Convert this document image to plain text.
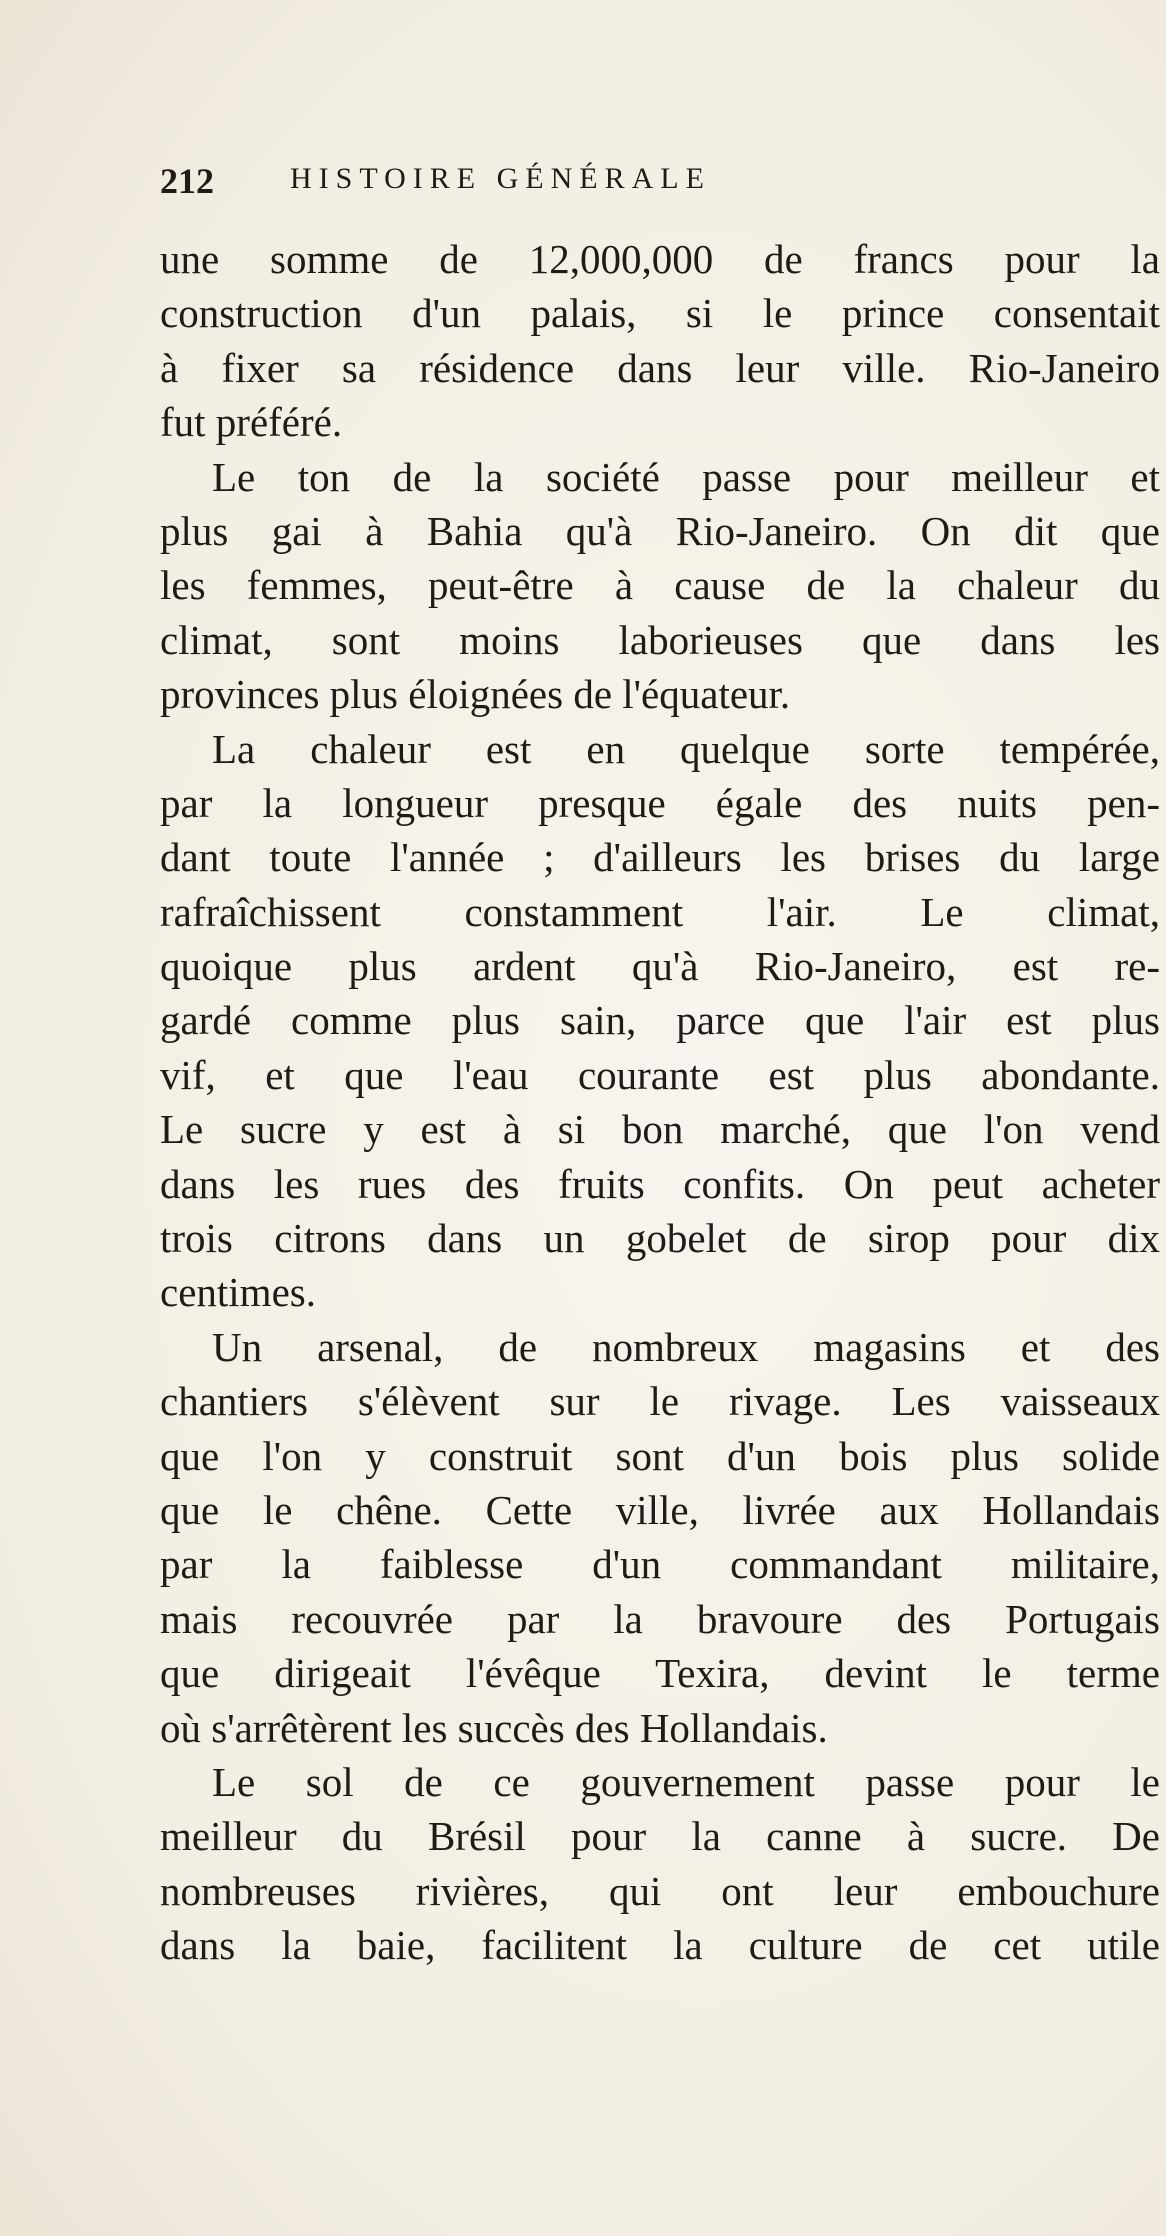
212	HISTOIRE GÉNÉRALE
une somme de 12,000,000 de francs pour la
construction d'un palais, si le prince consentait
à fixer sa résidence dans leur ville. Rio-Janeiro
fut préféré.
Le ton de la société passe pour meilleur et
plus gai à Bahia qu'à Rio-Janeiro. On dit que
les femmes, peut-être à cause de la chaleur du
climat, sont moins laborieuses que dans les
provinces plus éloignées de l'équateur.
La chaleur est en quelque sorte tempérée,
par la longueur presque égale des nuits pen-
dant toute l'année ; d'ailleurs les brises du large
rafraîchissent constamment l'air. Le climat,
quoique plus ardent qu'à Rio-Janeiro, est re-
gardé comme plus sain, parce que l'air est plus
vif, et que l'eau courante est plus abondante.
Le sucre y est à si bon marché, que l'on vend
dans les rues des fruits confits. On peut acheter
trois citrons dans un gobelet de sirop pour dix
centimes.
Un arsenal, de nombreux magasins et des
chantiers s'élèvent sur le rivage. Les vaisseaux
que l'on y construit sont d'un bois plus solide
que le chêne. Cette ville, livrée aux Hollandais
par la faiblesse d'un commandant militaire,
mais recouvrée par la bravoure des Portugais
que dirigeait l'évêque Texira, devint le terme
où s'arrêtèrent les succès des Hollandais.
Le sol de ce gouvernement passe pour le
meilleur du Brésil pour la canne à sucre. De
nombreuses rivières, qui ont leur embouchure
dans la baie, facilitent la culture de cet utile
